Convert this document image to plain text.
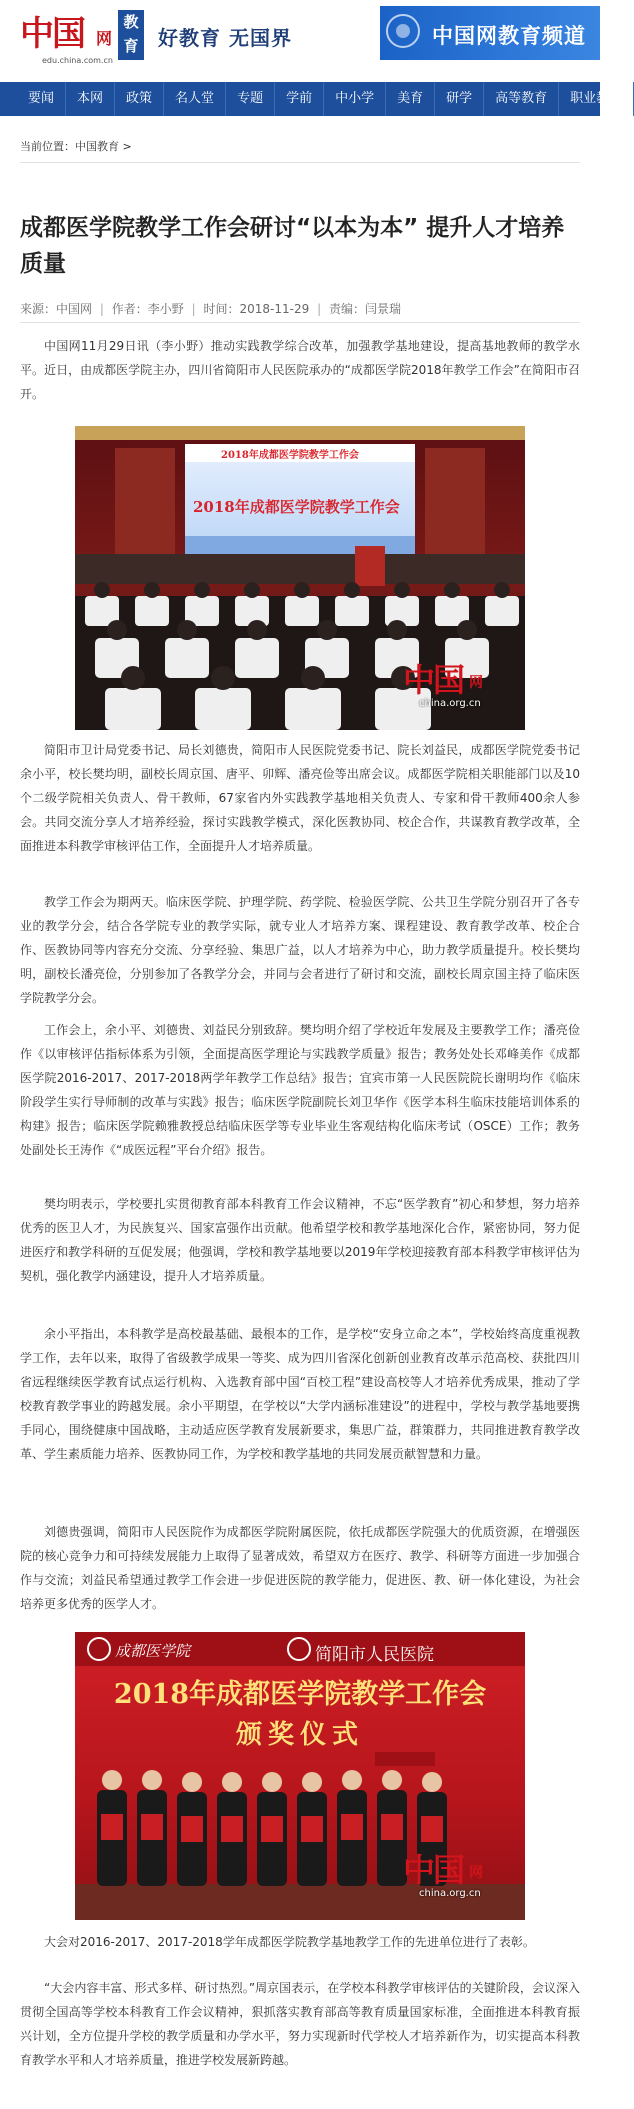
中国 网
edu.china.com.cn
教
育 好教育 无国界	中国网教育频道
要闻	本网	政策	名人堂	专题	学前	中小学	美育	研学	高等教育	职业教育
当前位置：中国教育 >
成都医学院教学工作会研讨“以本为本” 提升人才培养质量
来源：中国网 | 作者：李小野 | 时间：2018-11-29 | 责编：闫景瑞

中国网11月29日讯（李小野）推动实践教学综合改革，加强教学基地建设，提高基地教师的教学水平。近日，由成都医学院主办，四川省简阳市人民医院承办的“成都医学院2018年教学工作会”在简阳市召开。

2018年成都医学院教学工作会
2018年成都医学院教学工作会
中国 网
china.org.cn

简阳市卫计局党委书记、局长刘德贵，简阳市人民医院党委书记、院长刘益民，成都医学院党委书记余小平，校长樊均明，副校长周京国、唐平、卯辉、潘亮俭等出席会议。成都医学院相关职能部门以及10个二级学院相关负责人、骨干教师，67家省内外实践教学基地相关负责人、专家和骨干教师400余人参会。共同交流分享人才培养经验，探讨实践教学模式，深化医教协同、校企合作，共谋教育教学改革，全面推进本科教学审核评估工作，全面提升人才培养质量。

教学工作会为期两天。临床医学院、护理学院、药学院、检验医学院、公共卫生学院分别召开了各专业的教学分会，结合各学院专业的教学实际，就专业人才培养方案、课程建设、教育教学改革、校企合作、医教协同等内容充分交流、分享经验、集思广益，以人才培养为中心，助力教学质量提升。校长樊均明，副校长潘亮俭，分别参加了各教学分会，并同与会者进行了研讨和交流，副校长周京国主持了临床医学院教学分会。

工作会上，余小平、刘德贵、刘益民分别致辞。樊均明介绍了学校近年发展及主要教学工作；潘亮俭作《以审核评估指标体系为引领，全面提高医学理论与实践教学质量》报告；教务处处长邓峰美作《成都医学院2016-2017、2017-2018两学年教学工作总结》报告；宜宾市第一人民医院院长谢明均作《临床阶段学生实行导师制的改革与实践》报告；临床医学院副院长刘卫华作《医学本科生临床技能培训体系的构建》报告；临床医学院赖雅教授总结临床医学等专业毕业生客观结构化临床考试（OSCE）工作；教务处副处长王涛作《“成医远程”平台介绍》报告。

樊均明表示，学校要扎实贯彻教育部本科教育工作会议精神，不忘“医学教育”初心和梦想，努力培养优秀的医卫人才，为民族复兴、国家富强作出贡献。他希望学校和教学基地深化合作，紧密协同，努力促进医疗和教学科研的互促发展；他强调，学校和教学基地要以2019年学校迎接教育部本科教学审核评估为契机，强化教学内涵建设，提升人才培养质量。

余小平指出，本科教学是高校最基础、最根本的工作，是学校“安身立命之本”，学校始终高度重视教学工作，去年以来，取得了省级教学成果一等奖、成为四川省深化创新创业教育改革示范高校、获批四川省远程继续医学教育试点运行机构、入选教育部中国“百校工程”建设高校等人才培养优秀成果，推动了学校教育教学事业的跨越发展。余小平期望，在学校以“大学内涵标准建设”的进程中，学校与教学基地要携手同心，围绕健康中国战略，主动适应医学教育发展新要求，集思广益，群策群力，共同推进教育教学改革、学生素质能力培养、医教协同工作，为学校和教学基地的共同发展贡献智慧和力量。

刘德贵强调，简阳市人民医院作为成都医学院附属医院，依托成都医学院强大的优质资源，在增强医院的核心竞争力和可持续发展能力上取得了显著成效，希望双方在医疗、教学、科研等方面进一步加强合作与交流；刘益民希望通过教学工作会进一步促进医院的教学能力，促进医、教、研一体化建设，为社会培养更多优秀的医学人才。

成都医学院	简阳市人民医院
2018年成都医学院教学工作会
颁奖仪式
中国 网
china.org.cn

大会对2016-2017、2017-2018学年成都医学院教学基地教学工作的先进单位进行了表彰。

“大会内容丰富、形式多样、研讨热烈。”周京国表示，在学校本科教学审核评估的关键阶段，会议深入贯彻全国高等学校本科教育工作会议精神，狠抓落实教育部高等教育质量国家标准，全面推进本科教育振兴计划，全方位提升学校的教学质量和办学水平，努力实现新时代学校人才培养新作为，切实提高本科教育教学水平和人才培养质量，推进学校发展新跨越。
